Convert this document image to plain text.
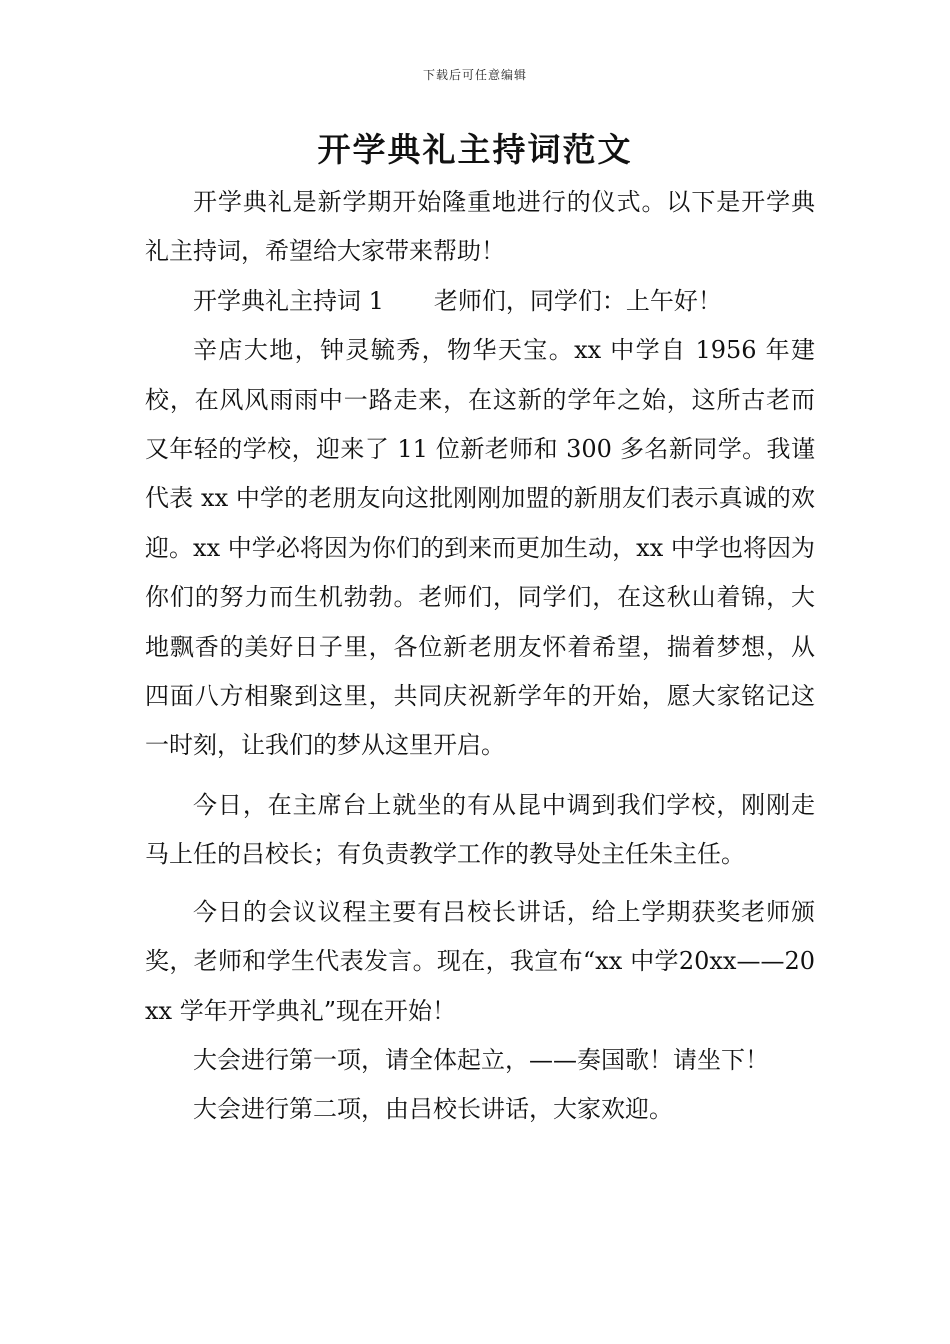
下载后可任意编辑
开学典礼主持词范文

开学典礼是新学期开始隆重地进行的仪式。以下是开学典礼主持词，希望给大家带来帮助！

开学典礼主持词 1 老师们，同学们：上午好！

辛店大地，钟灵毓秀，物华天宝。xx 中学自 1956 年建校，在风风雨雨中一路走来，在这新的学年之始，这所古老而又年轻的学校，迎来了 11 位新老师和 300 多名新同学。我谨代表 xx 中学的老朋友向这批刚刚加盟的新朋友们表示真诚的欢迎。xx 中学必将因为你们的到来而更加生动，xx 中学也将因为你们的努力而生机勃勃。老师们，同学们，在这秋山着锦，大地飘香的美好日子里，各位新老朋友怀着希望，揣着梦想，从四面八方相聚到这里，共同庆祝新学年的开始，愿大家铭记这一时刻，让我们的梦从这里开启。

今日，在主席台上就坐的有从昆中调到我们学校，刚刚走马上任的吕校长；有负责教学工作的教导处主任朱主任。

今日的会议议程主要有吕校长讲话，给上学期获奖老师颁奖，老师和学生代表发言。现在，我宣布“xx 中学20xx——20xx 学年开学典礼”现在开始！

大会进行第一项，请全体起立，——奏国歌！请坐下！

大会进行第二项，由吕校长讲话，大家欢迎。
